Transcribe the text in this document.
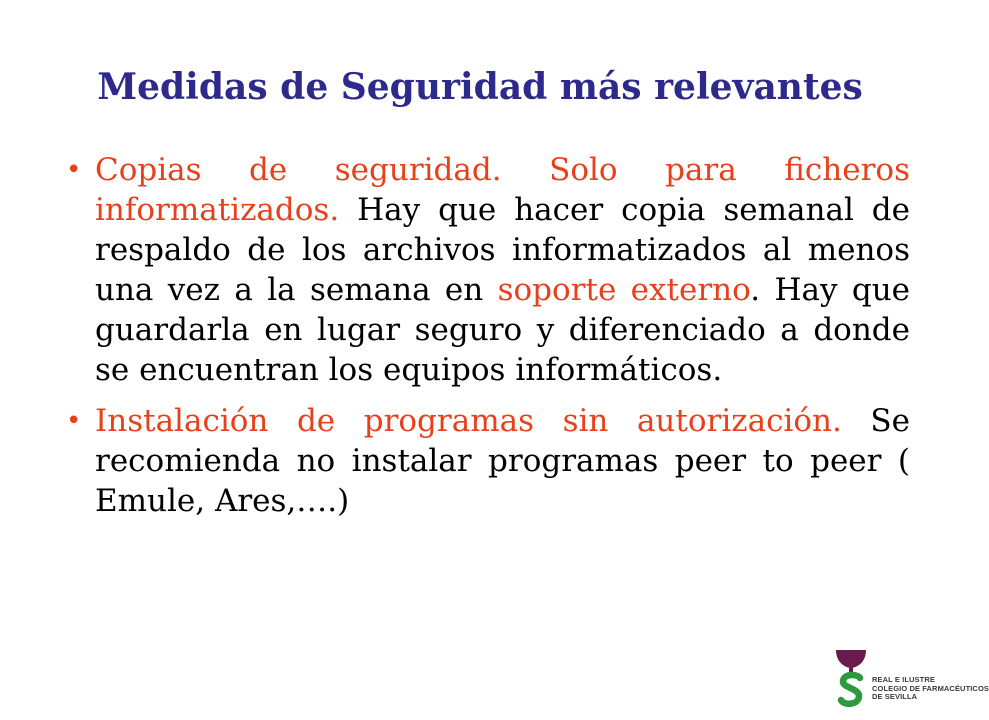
Medidas de Seguridad más relevantes
• Copias de seguridad. Solo para ficheros informatizados. Hay que hacer copia semanal de respaldo de los archivos informatizados al menos una vez a la semana en soporte externo. Hay que guardarla en lugar seguro y diferenciado a donde se encuentran los equipos informáticos.
• Instalación de programas sin autorización. Se recomienda no instalar programas peer to peer ( Emule, Ares,….)
REAL E ILUSTRE
COLEGIO DE FARMACÉUTICOS
DE SEVILLA
